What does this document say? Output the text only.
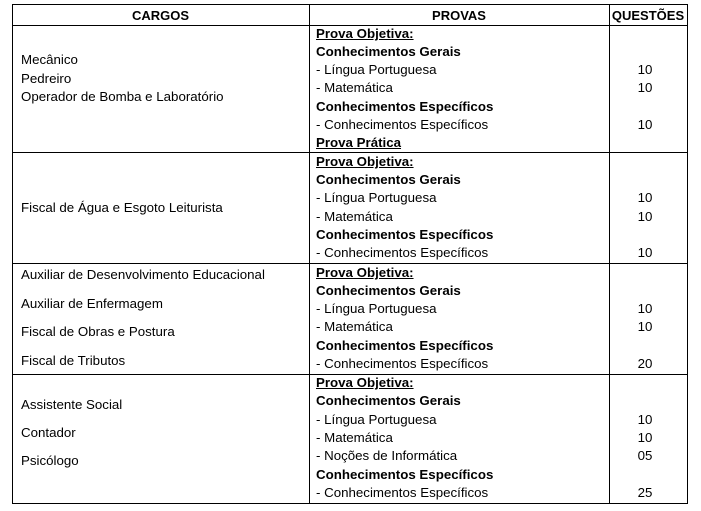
CARGOS	PROVAS	QUESTÕES
Mecânico
Pedreiro
Operador de Bomba e Laboratório
Prova Objetiva:
Conhecimentos Gerais
- Língua Portuguesa
- Matemática
Conhecimentos Específicos
- Conhecimentos Específicos
Prova Prática
10
10
10
Fiscal de Água e Esgoto Leiturista
Prova Objetiva:
Conhecimentos Gerais
- Língua Portuguesa
- Matemática
Conhecimentos Específicos
- Conhecimentos Específicos
10
10
10
Auxiliar de Desenvolvimento Educacional
Auxiliar de Enfermagem
Fiscal de Obras e Postura
Fiscal de Tributos
Prova Objetiva:
Conhecimentos Gerais
- Língua Portuguesa
- Matemática
Conhecimentos Específicos
- Conhecimentos Específicos
10
10
20
Assistente Social
Contador
Psicólogo
Prova Objetiva:
Conhecimentos Gerais
- Língua Portuguesa
- Matemática
- Noções de Informática
Conhecimentos Específicos
- Conhecimentos Específicos
10
10
05
25
